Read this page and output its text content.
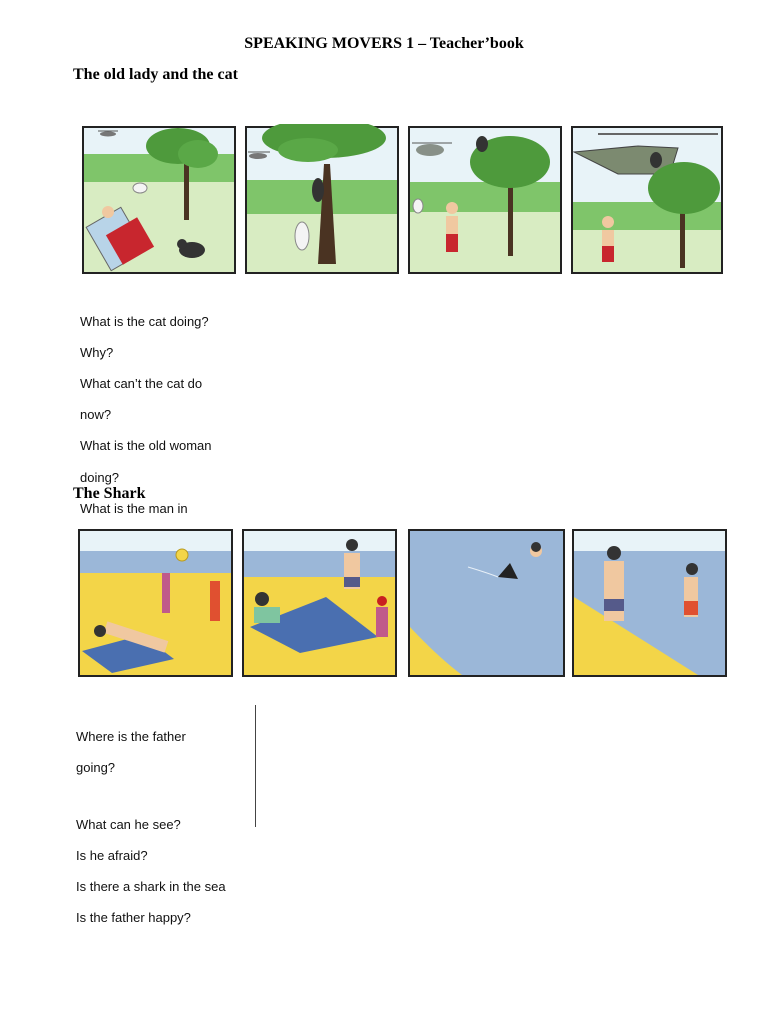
SPEAKING MOVERS 1 – Teacher’book
The old lady and the cat

What is the cat doing?

Why?

What can’t the cat do

now?

What is the old woman

doing?

What is the man in

The Shark

Where is the father

going?

What can he see?

Is he afraid?

Is there a shark in the sea

Is the father happy?
